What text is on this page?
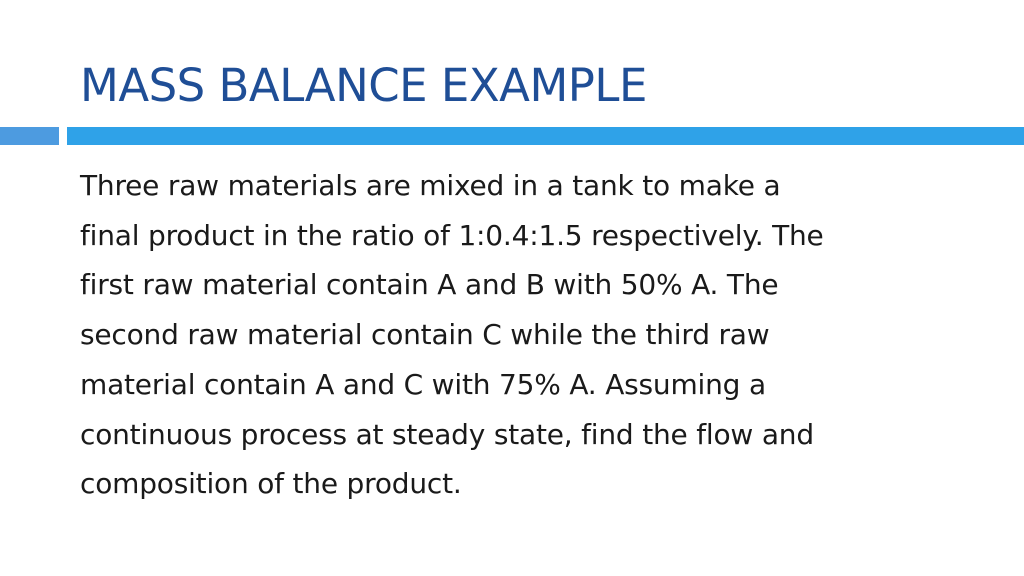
MASS BALANCE EXAMPLE

Three raw materials are mixed in a tank to make a
final product in the ratio of 1:0.4:1.5 respectively. The
first raw material contain A and B with 50% A. The
second raw material contain C while the third raw
material contain A and C with 75% A. Assuming a
continuous process at steady state, find the flow and
composition of the product.
